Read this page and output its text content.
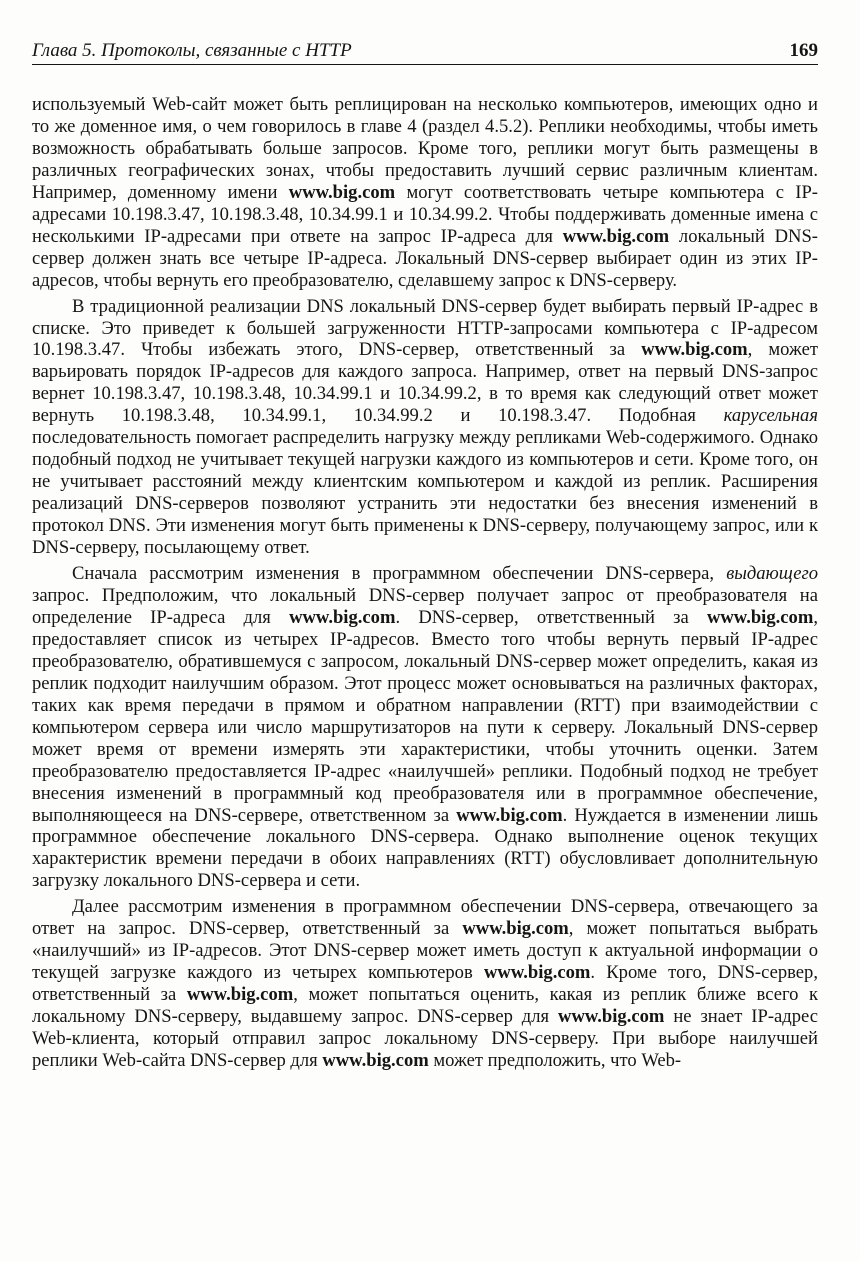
Глава 5. Протоколы, связанные с HTTP	169

используемый Web-сайт может быть реплицирован на несколько компьютеров, имеющих одно и то же доменное имя, о чем говорилось в главе 4 (раздел 4.5.2). Реплики необходимы, чтобы иметь возможность обрабатывать больше запросов. Кроме того, реплики могут быть размещены в различных географических зонах, чтобы предоставить лучший сервис различным клиентам. Например, доменному имени www.big.com могут соответствовать четыре компьютера с IP-адресами 10.198.3.47, 10.198.3.48, 10.34.99.1 и 10.34.99.2. Чтобы поддерживать доменные имена с несколькими IP-адресами при ответе на запрос IP-адреса для www.big.com локальный DNS-сервер должен знать все четыре IP-адреса. Локальный DNS-сервер выбирает один из этих IP-адресов, чтобы вернуть его преобразователю, сделавшему запрос к DNS-серверу.

В традиционной реализации DNS локальный DNS-сервер будет выбирать первый IP-адрес в списке. Это приведет к большей загруженности HTTP-запросами компьютера с IP-адресом 10.198.3.47. Чтобы избежать этого, DNS-сервер, ответственный за www.big.com, может варьировать порядок IP-адресов для каждого запроса. Например, ответ на первый DNS-запрос вернет 10.198.3.47, 10.198.3.48, 10.34.99.1 и 10.34.99.2, в то время как следующий ответ может вернуть 10.198.3.48, 10.34.99.1, 10.34.99.2 и 10.198.3.47. Подобная карусельная последовательность помогает распределить нагрузку между репликами Web-содержимого. Однако подобный подход не учитывает текущей нагрузки каждого из компьютеров и сети. Кроме того, он не учитывает расстояний между клиентским компьютером и каждой из реплик. Расширения реализаций DNS-серверов позволяют устранить эти недостатки без внесения изменений в протокол DNS. Эти изменения могут быть применены к DNS-серверу, получающему запрос, или к DNS-серверу, посылающему ответ.

Сначала рассмотрим изменения в программном обеспечении DNS-сервера, выдающего запрос. Предположим, что локальный DNS-сервер получает запрос от преобразователя на определение IP-адреса для www.big.com. DNS-сервер, ответственный за www.big.com, предоставляет список из четырех IP-адресов. Вместо того чтобы вернуть первый IP-адрес преобразователю, обратившемуся с запросом, локальный DNS-сервер может определить, какая из реплик подходит наилучшим образом. Этот процесс может основываться на различных факторах, таких как время передачи в прямом и обратном направлении (RTT) при взаимодействии с компьютером сервера или число маршрутизаторов на пути к серверу. Локальный DNS-сервер может время от времени измерять эти характеристики, чтобы уточнить оценки. Затем преобразователю предоставляется IP-адрес «наилучшей» реплики. Подобный подход не требует внесения изменений в программный код преобразователя или в программное обеспечение, выполняющееся на DNS-сервере, ответственном за www.big.com. Нуждается в изменении лишь программное обеспечение локального DNS-сервера. Однако выполнение оценок текущих характеристик времени передачи в обоих направлениях (RTT) обусловливает дополнительную загрузку локального DNS-сервера и сети.

Далее рассмотрим изменения в программном обеспечении DNS-сервера, отвечающего за ответ на запрос. DNS-сервер, ответственный за www.big.com, может попытаться выбрать «наилучший» из IP-адресов. Этот DNS-сервер может иметь доступ к актуальной информации о текущей загрузке каждого из четырех компьютеров www.big.com. Кроме того, DNS-сервер, ответственный за www.big.com, может попытаться оценить, какая из реплик ближе всего к локальному DNS-серверу, выдавшему запрос. DNS-сервер для www.big.com не знает IP-адрес Web-клиента, который отправил запрос локальному DNS-серверу. При выборе наилучшей реплики Web-сайта DNS-сервер для www.big.com может предположить, что Web-
